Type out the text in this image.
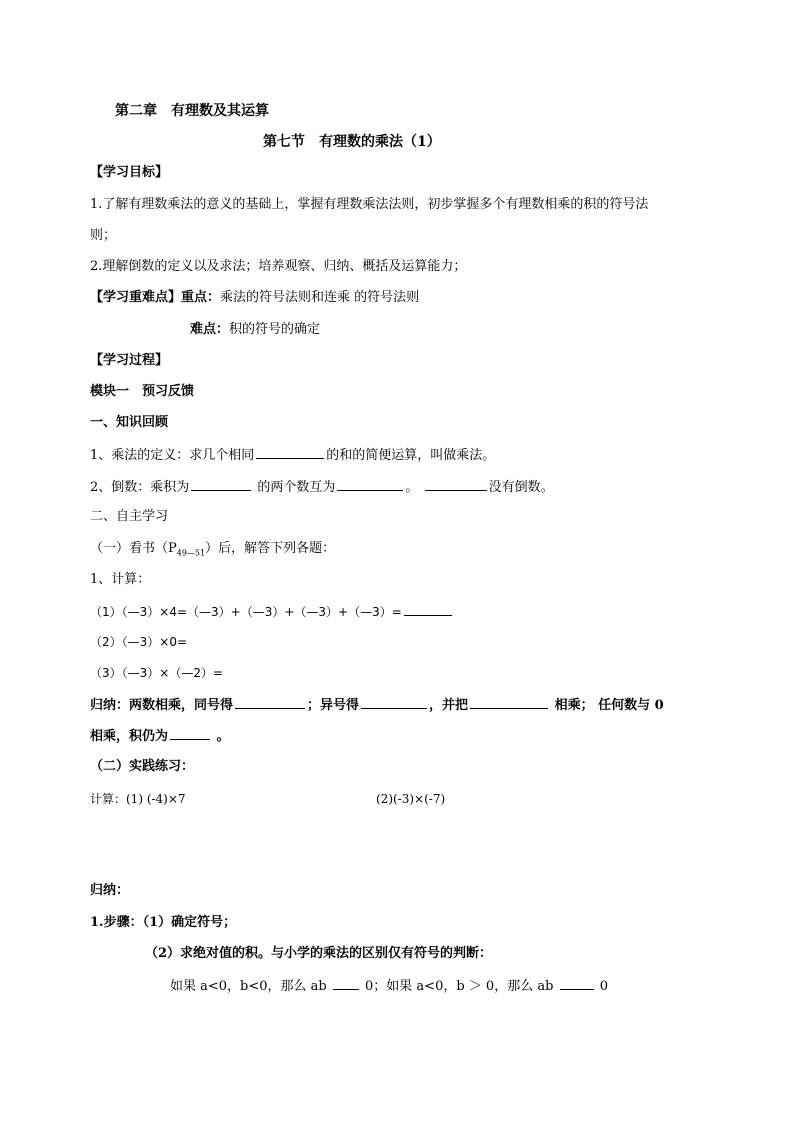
第二章　有理数及其运算
第七节　有理数的乘法（1）
【学习目标】
1.了解有理数乘法的意义的基础上，掌握有理数乘法法则，初步掌握多个有理数相乘的积的符号法
则；
2.理解倒数的定义以及求法；培养观察、归纳、概括及运算能力；
【学习重难点】重点：乘法的符号法则和连乘 的符号法则
难点：积的符号的确定
【学习过程】
模块一　预习反馈
一、知识回顾
1、乘法的定义：求几个相同	的和的简便运算，叫做乘法。
2、倒数：乘积为	的两个数互为	。	没有倒数。
二、自主学习
（一）看书$(P_{49—51})$后，解答下列各题：
1、计算：
（1）（—3）×4=（—3）+（—3）+（—3）+（—3）=
（2）（—3）×0=
（3）（—3）×（—2）=
归纳：两数相乘，同号得	；异号得	，并把	相乘； 任何数与 0
相乘，积仍为	。
（二）实践练习：
计算：(1) (-4)×7	(2)(-3)×(-7)
归纳：
1.步骤：（1）确定符号；
（2）求绝对值的积。与小学的乘法的区别仅有符号的判断：
如果 a<0，b<0，那么 ab	0；如果 a<0，b ＞ 0，那么 ab	0
